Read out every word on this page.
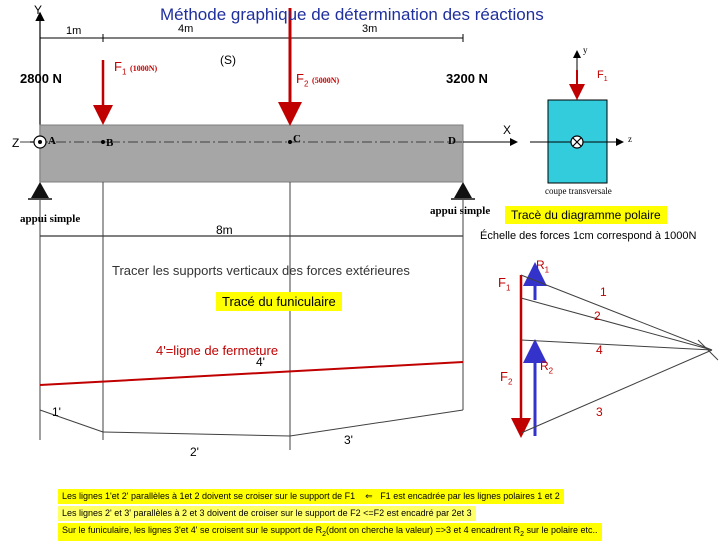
Méthode graphique de détermination des réactions
Y
1m	4m	3m
(S)
2800 N	3200 N
$F_1$ (1000N)
$F_2$ (5000N)
Z	A	B	C	D
X
appui simple
appui simple
8m
y
$F_1$
z
coupe transversale
Tracè du diagramme polaire
Échelle des forces 1cm correspond à 1000N
$F_1$
$R_1$
$F_2$
$R_2$
1
2
4
3
Tracer les supports verticaux des forces extérieures
Tracé du funiculaire
4'=ligne de fermeture
4'
1'
2'
3'
Les lignes 1'et 2' parallèles à 1et 2 doivent se croiser sur le support de F1 ⇐ F1 est encadrée par les lignes polaires 1 et 2
Les lignes 2' et 3' parallèles à 2 et 3 doivent de croiser sur le support de F2 <=F2 est encadré par 2et 3
Sur le funiculaire, les lignes 3'et 4' se croisent sur le support de $R_2(dont$ on cherche la valeur) =>3 et 4 encadrent $R_2$ sur le polaire etc..
